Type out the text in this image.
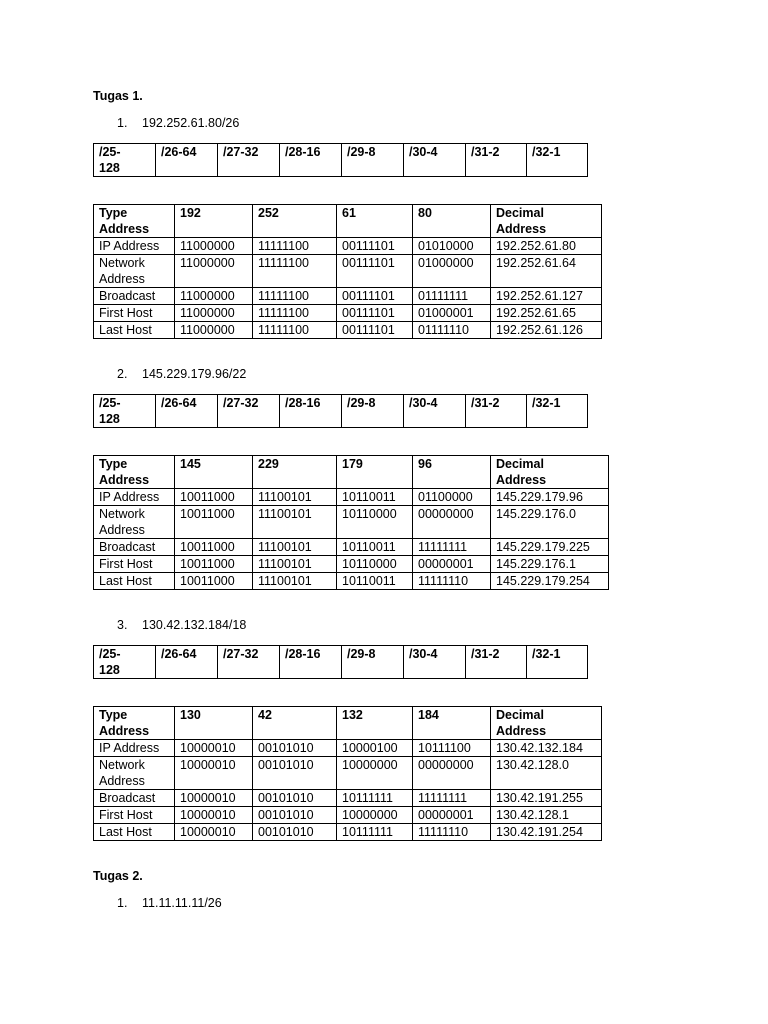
Tugas 1.
1.	192.252.61.80/26
/25-
128	/26-64	/27-32	/28-16	/29-8	/30-4	/31-2	/32-1
Type
Address	192	252	61	80	Decimal
Address
IP Address	11000000	11111100	00111101	01010000	192.252.61.80
Network
Address	11000000	11111100	00111101	01000000	192.252.61.64
Broadcast	11000000	11111100	00111101	01111111	192.252.61.127
First Host	11000000	11111100	00111101	01000001	192.252.61.65
Last Host	11000000	11111100	00111101	01111110	192.252.61.126
2.	145.229.179.96/22
/25-
128	/26-64	/27-32	/28-16	/29-8	/30-4	/31-2	/32-1
Type
Address	145	229	179	96	Decimal
Address
IP Address	10011000	11100101	10110011	01100000	145.229.179.96
Network
Address	10011000	11100101	10110000	00000000	145.229.176.0
Broadcast	10011000	11100101	10110011	11111111	145.229.179.225
First Host	10011000	11100101	10110000	00000001	145.229.176.1
Last Host	10011000	11100101	10110011	11111110	145.229.179.254
3.	130.42.132.184/18
/25-
128	/26-64	/27-32	/28-16	/29-8	/30-4	/31-2	/32-1
Type
Address	130	42	132	184	Decimal
Address
IP Address	10000010	00101010	10000100	10111100	130.42.132.184
Network
Address	10000010	00101010	10000000	00000000	130.42.128.0
Broadcast	10000010	00101010	10111111	11111111	130.42.191.255
First Host	10000010	00101010	10000000	00000001	130.42.128.1
Last Host	10000010	00101010	10111111	11111110	130.42.191.254
Tugas 2.
1.	11.11.11.11/26
